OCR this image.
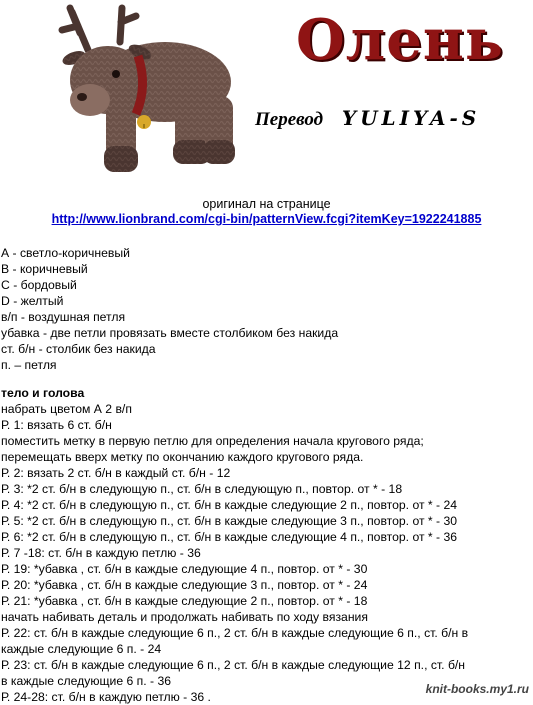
Олень
Перевод YULIYA-S
оригинал на странице
http://www.lionbrand.com/cgi-bin/patternView.fcgi?itemKey=1922241885
А - светло-коричневый
В - коричневый
С - бордовый
D - желтый
в/п - воздушная петля
убавка - две петли провязать вместе столбиком без накида
ст. б/н - столбик без накида
п. – петля
тело и голова
набрать цветом А 2 в/п
Р. 1: вязать 6 ст. б/н
поместить метку в первую петлю для определения начала кругового ряда;
перемещать вверх метку по окончанию каждого кругового ряда.
Р. 2: вязать 2 ст. б/н в каждый ст. б/н - 12
Р. 3: *2 ст. б/н в следующую п., ст. б/н в следующую п., повтор. от * - 18
Р. 4: *2 ст. б/н в следующую п., ст. б/н в каждые следующие 2 п., повтор. от * - 24
Р. 5: *2 ст. б/н в следующую п., ст. б/н в каждые следующие 3 п., повтор. от * - 30
Р. 6: *2 ст. б/н в следующую п., ст. б/н в каждые следующие 4 п., повтор. от * - 36
Р. 7 -18: ст. б/н в каждую петлю - 36
Р. 19: *убавка , ст. б/н в каждые следующие 4 п., повтор. от * - 30
Р. 20: *убавка , ст. б/н в каждые следующие 3 п., повтор. от * - 24
Р. 21: *убавка , ст. б/н в каждые следующие 2 п., повтор. от * - 18
начать набивать деталь и продолжать набивать по ходу вязания
Р. 22: ст. б/н в каждые следующие 6 п., 2 ст. б/н в каждые следующие 6 п., ст. б/н в
каждые следующие 6 п. - 24
Р. 23: ст. б/н в каждые следующие 6 п., 2 ст. б/н в каждые следующие 12 п., ст. б/н
в каждые следующие 6 п. - 36
Р. 24-28: ст. б/н в каждую петлю - 36 .
knit-books.my1.ru
